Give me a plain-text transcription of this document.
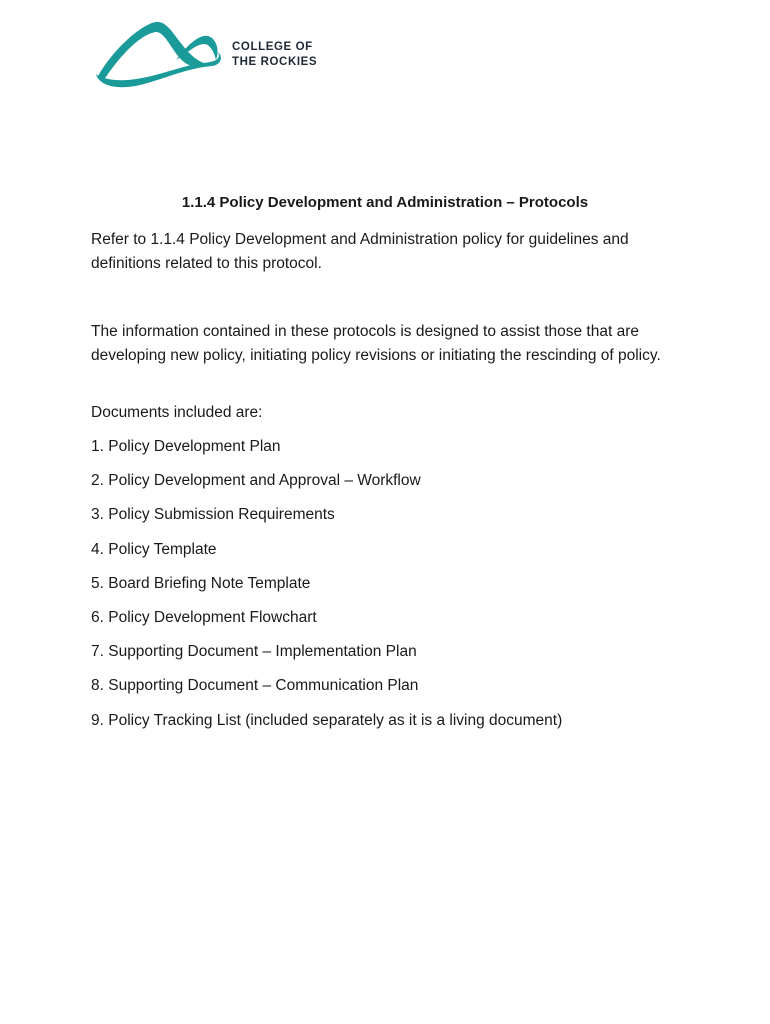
COLLEGE OF
THE ROCKIES
1.1.4 Policy Development and Administration – Protocols

Refer to 1.1.4 Policy Development and Administration policy for guidelines and definitions related to this protocol.

The information contained in these protocols is designed to assist those that are developing new policy, initiating policy revisions or initiating the rescinding of policy.

Documents included are:

1. Policy Development Plan
2. Policy Development and Approval – Workflow
3. Policy Submission Requirements
4. Policy Template
5. Board Briefing Note Template
6. Policy Development Flowchart
7. Supporting Document – Implementation Plan
8. Supporting Document – Communication Plan
9. Policy Tracking List (included separately as it is a living document)
